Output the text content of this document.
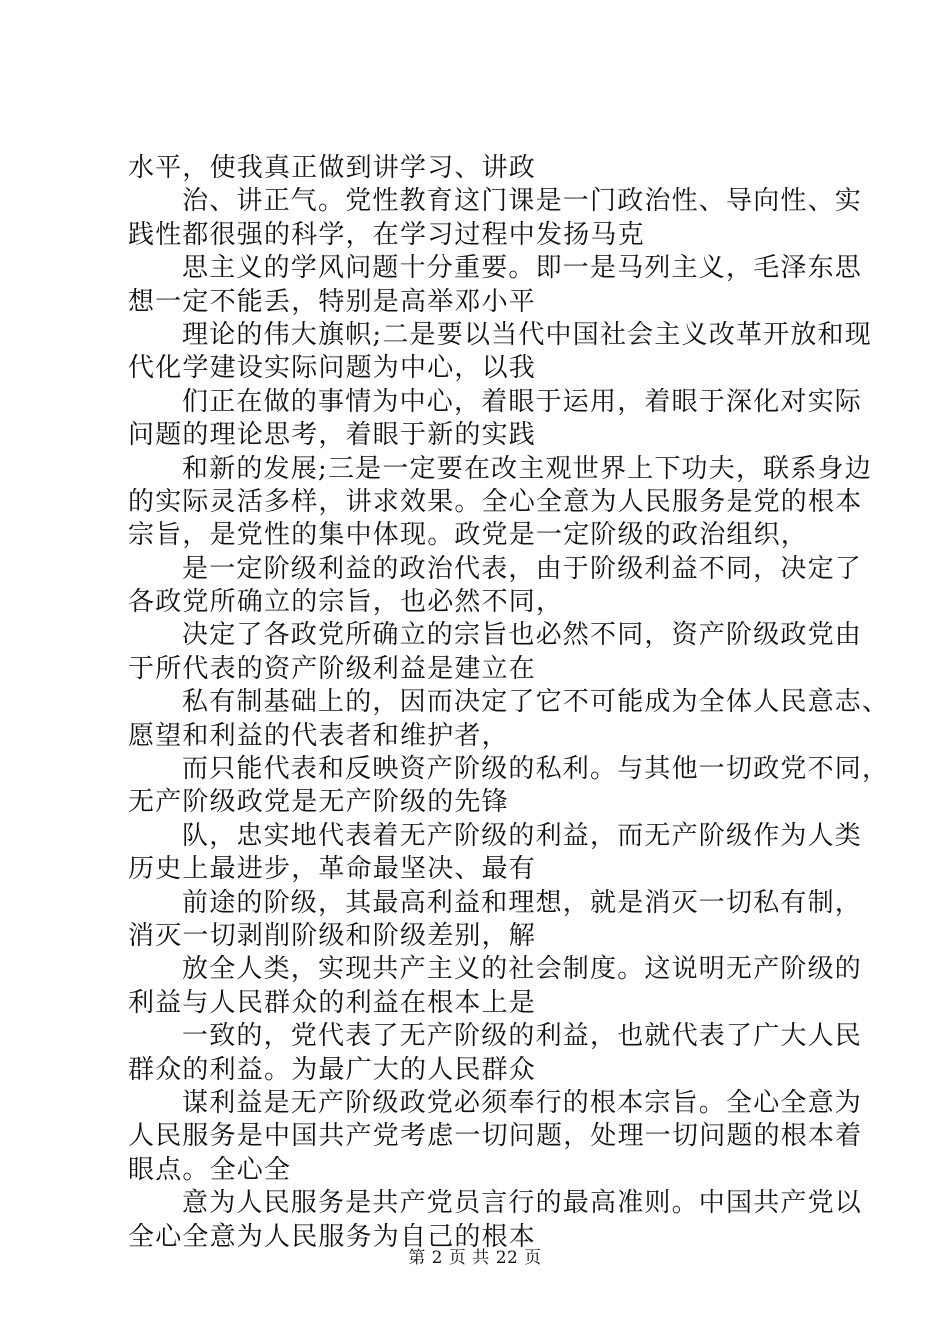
水平，使我真正做到讲学习、讲政
治、讲正气。党性教育这门课是一门政治性、导向性、实
践性都很强的科学，在学习过程中发扬马克
思主义的学风问题十分重要。即一是马列主义，毛泽东思
想一定不能丢，特别是高举邓小平
理论的伟大旗帜;二是要以当代中国社会主义改革开放和现
代化学建设实际问题为中心，以我
们正在做的事情为中心，着眼于运用，着眼于深化对实际
问题的理论思考，着眼于新的实践
和新的发展;三是一定要在改主观世界上下功夫，联系身边
的实际灵活多样，讲求效果。全心全意为人民服务是党的根本
宗旨，是党性的集中体现。政党是一定阶级的政治组织，
是一定阶级利益的政治代表，由于阶级利益不同，决定了
各政党所确立的宗旨，也必然不同，
决定了各政党所确立的宗旨也必然不同，资产阶级政党由
于所代表的资产阶级利益是建立在
私有制基础上的，因而决定了它不可能成为全体人民意志、
愿望和利益的代表者和维护者，
而只能代表和反映资产阶级的私利。与其他一切政党不同，
无产阶级政党是无产阶级的先锋
队，忠实地代表着无产阶级的利益，而无产阶级作为人类
历史上最进步，革命最坚决、最有
前途的阶级，其最高利益和理想，就是消灭一切私有制，
消灭一切剥削阶级和阶级差别，解
放全人类，实现共产主义的社会制度。这说明无产阶级的
利益与人民群众的利益在根本上是
一致的，党代表了无产阶级的利益，也就代表了广大人民
群众的利益。为最广大的人民群众
谋利益是无产阶级政党必须奉行的根本宗旨。全心全意为
人民服务是中国共产党考虑一切问题，处理一切问题的根本着
眼点。全心全
意为人民服务是共产党员言行的最高准则。中国共产党以
全心全意为人民服务为自己的根本
第 2 页 共 22 页
